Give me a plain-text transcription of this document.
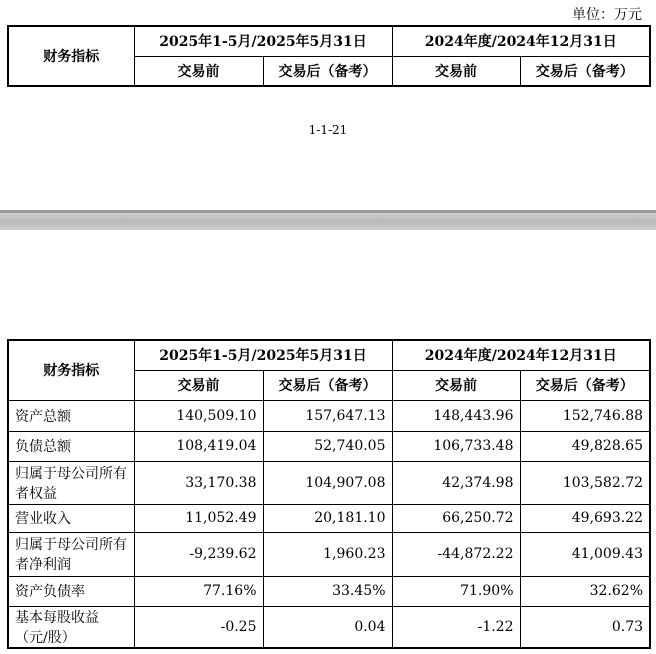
单位：万元
财务指标	2025年1-5月/2025年5月31日		2024年度/2024年12月31日	
	交易前	交易后（备考）	交易前	交易后（备考）
1-1-21
财务指标	2025年1-5月/2025年5月31日		2024年度/2024年12月31日	
	交易前	交易后（备考）	交易前	交易后（备考）
资产总额	140,509.10	157,647.13	148,443.96	152,746.88
负债总额	108,419.04	52,740.05	106,733.48	49,828.65
归属于母公司所有者权益	33,170.38	104,907.08	42,374.98	103,582.72
营业收入	11,052.49	20,181.10	66,250.72	49,693.22
归属于母公司所有者净利润	-9,239.62	1,960.23	-44,872.22	41,009.43
资产负债率	77.16%	33.45%	71.90%	32.62%
基本每股收益（元/股）	-0.25	0.04	-1.22	0.73
